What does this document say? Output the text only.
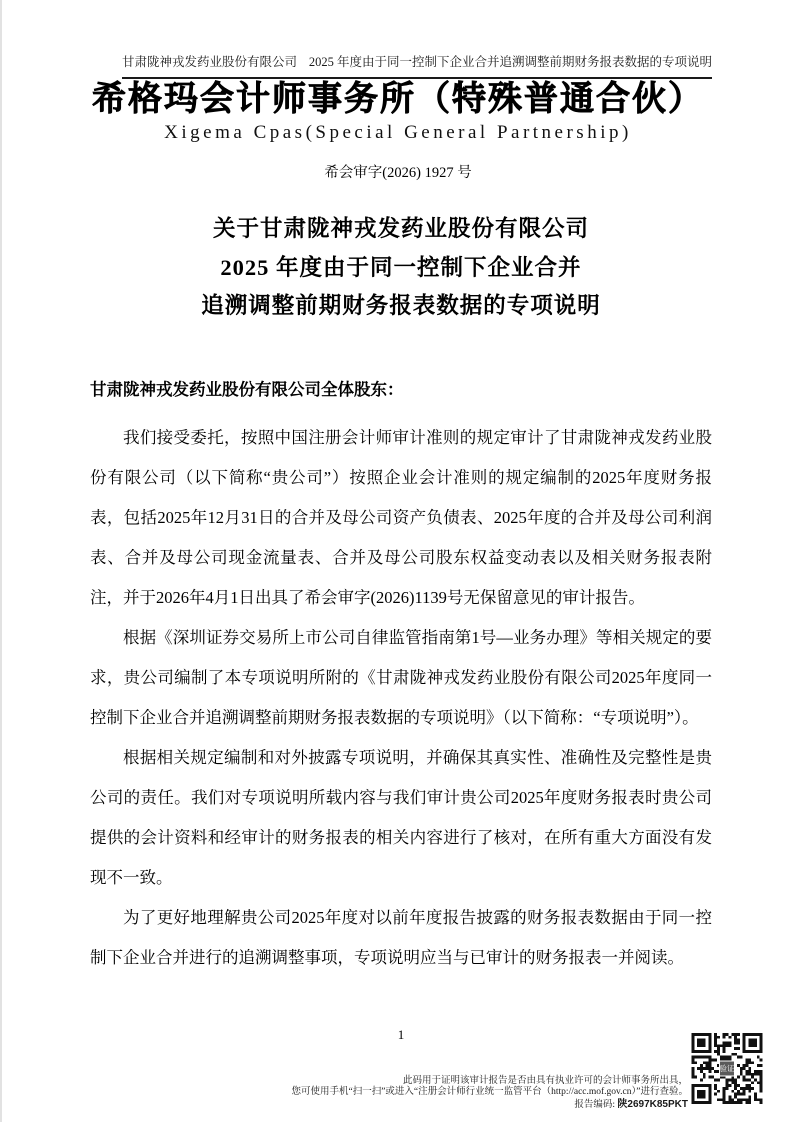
甘肃陇神戎发药业股份有限公司 2025 年度由于同一控制下企业合并追溯调整前期财务报表数据的专项说明
希格玛会计师事务所（特殊普通合伙）
Xigema Cpas(Special General Partnership)
希会审字(2026) 1927 号
关于甘肃陇神戎发药业股份有限公司
2025 年度由于同一控制下企业合并
追溯调整前期财务报表数据的专项说明

甘肃陇神戎发药业股份有限公司全体股东：

我们接受委托，按照中国注册会计师审计准则的规定审计了甘肃陇神戎发药业股份有限公司（以下简称“贵公司”）按照企业会计准则的规定编制的2025年度财务报表，包括2025年12月31日的合并及母公司资产负债表、2025年度的合并及母公司利润表、合并及母公司现金流量表、合并及母公司股东权益变动表以及相关财务报表附注，并于2026年4月1日出具了希会审字(2026)1139号无保留意见的审计报告。

根据《深圳证券交易所上市公司自律监管指南第1号—业务办理》等相关规定的要求，贵公司编制了本专项说明所附的《甘肃陇神戎发药业股份有限公司2025年度同一控制下企业合并追溯调整前期财务报表数据的专项说明》（以下简称：“专项说明”）。

根据相关规定编制和对外披露专项说明，并确保其真实性、准确性及完整性是贵公司的责任。我们对专项说明所载内容与我们审计贵公司2025年度财务报表时贵公司提供的会计资料和经审计的财务报表的相关内容进行了核对，在所有重大方面没有发现不一致。

为了更好地理解贵公司2025年度对以前年度报告披露的财务报表数据由于同一控制下企业合并进行的追溯调整事项，专项说明应当与已审计的财务报表一并阅读。

1
此码用于证明该审计报告是否由具有执业许可的会计师事务所出具，
您可使用手机“扫一扫”或进入“注册会计师行业统一监管平台（http://acc.mof.gov.cn）”进行查验。
报告编码: 陕2697K85PKT
验证
